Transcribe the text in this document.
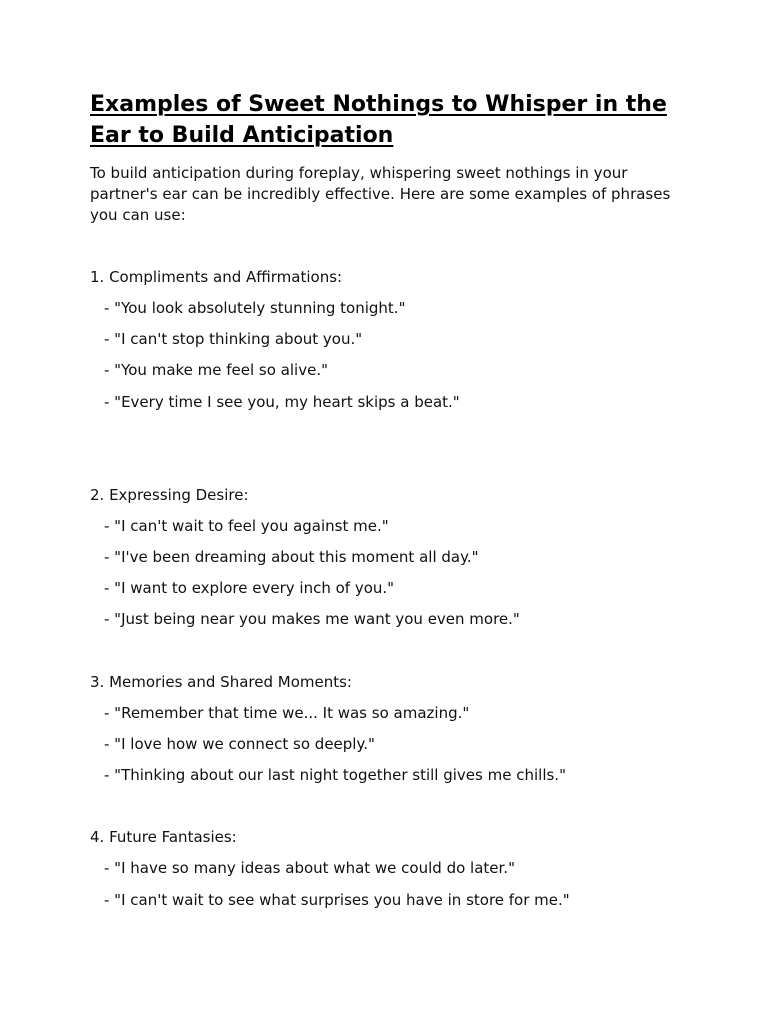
Examples of Sweet Nothings to Whisper in the Ear to Build Anticipation

To build anticipation during foreplay, whispering sweet nothings in your partner's ear can be incredibly effective. Here are some examples of phrases you can use:

1. Compliments and Affirmations:

- "You look absolutely stunning tonight."
- "I can't stop thinking about you."
- "You make me feel so alive."
- "Every time I see you, my heart skips a beat."

2. Expressing Desire:

- "I can't wait to feel you against me."
- "I've been dreaming about this moment all day."
- "I want to explore every inch of you."
- "Just being near you makes me want you even more."

3. Memories and Shared Moments:

- "Remember that time we... It was so amazing."
- "I love how we connect so deeply."
- "Thinking about our last night together still gives me chills."

4. Future Fantasies:

- "I have so many ideas about what we could do later."
- "I can't wait to see what surprises you have in store for me."
